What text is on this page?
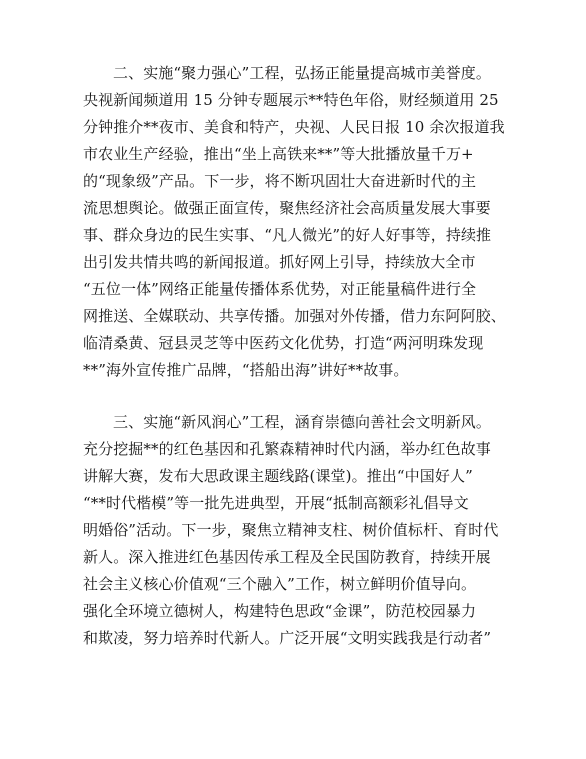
二、实施“聚力强心”工程，弘扬正能量提高城市美誉度。
央视新闻频道用 15 分钟专题展示**特色年俗，财经频道用 25
分钟推介**夜市、美食和特产，央视、人民日报 10 余次报道我
市农业生产经验，推出“坐上高铁来**”等大批播放量千万+
的“现象级”产品。下一步，将不断巩固壮大奋进新时代的主
流思想舆论。做强正面宣传，聚焦经济社会高质量发展大事要
事、群众身边的民生实事、“凡人微光”的好人好事等，持续推
出引发共情共鸣的新闻报道。抓好网上引导，持续放大全市
“五位一体”网络正能量传播体系优势，对正能量稿件进行全
网推送、全媒联动、共享传播。加强对外传播，借力东阿阿胶、
临清桑黄、冠县灵芝等中医药文化优势，打造“两河明珠发现
**”海外宣传推广品牌，“搭船出海”讲好**故事。
三、实施“新风润心”工程，涵育崇德向善社会文明新风。
充分挖掘**的红色基因和孔繁森精神时代内涵，举办红色故事
讲解大赛，发布大思政课主题线路(课堂)。推出“中国好人”
“**时代楷模”等一批先进典型，开展“抵制高额彩礼倡导文
明婚俗”活动。下一步，聚焦立精神支柱、树价值标杆、育时代
新人。深入推进红色基因传承工程及全民国防教育，持续开展
社会主义核心价值观“三个融入”工作，树立鲜明价值导向。
强化全环境立德树人，构建特色思政“金课”，防范校园暴力
和欺凌，努力培养时代新人。广泛开展“文明实践我是行动者”
